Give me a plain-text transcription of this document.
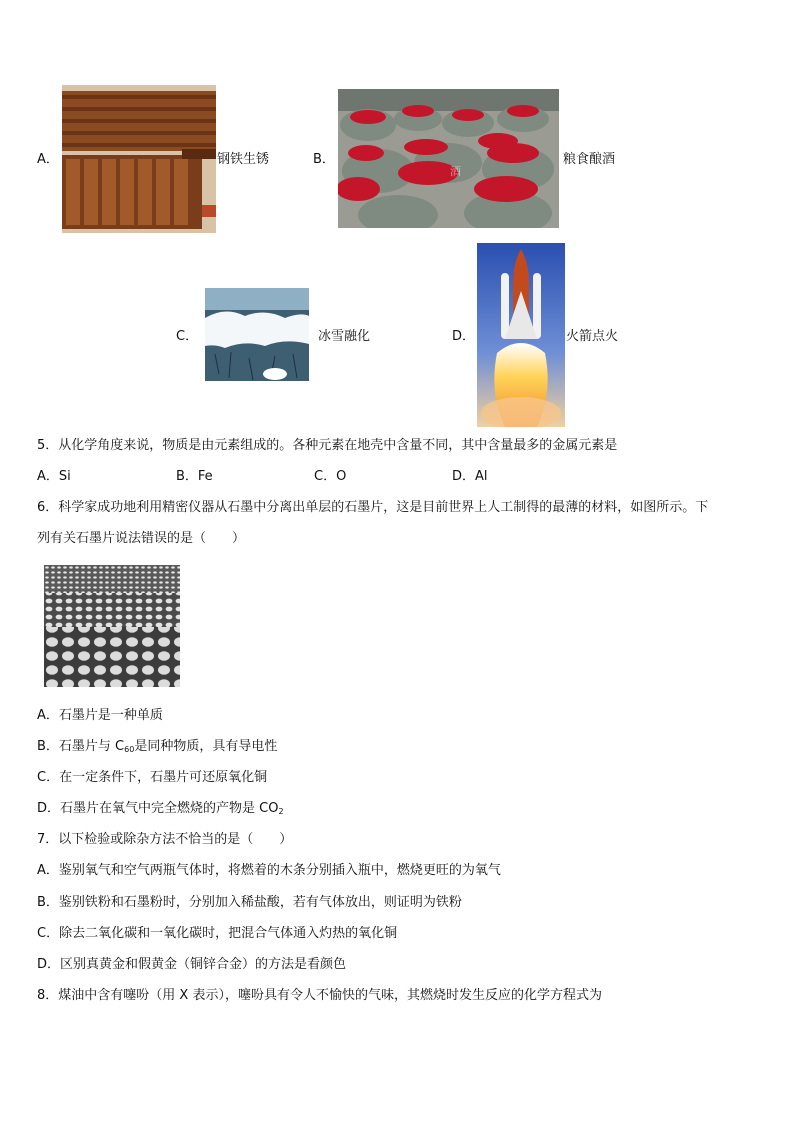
A．	钢铁生锈	B．
酒
粮食酿酒
C．	冰雪融化	D．	火箭点火
5．从化学角度来说，物质是由元素组成的。各种元素在地壳中含量不同，其中含量最多的金属元素是
A．Si	B．Fe	C．O	D．Al
6．科学家成功地利用精密仪器从石墨中分离出单层的石墨片，这是目前世界上人工制得的最薄的材料，如图所示。下
列有关石墨片说法错误的是（　　）
A．石墨片是一种单质
B．石墨片与 $C_{60}$是同种物质，具有导电性
C．在一定条件下，石墨片可还原氧化铜
D．石墨片在氧气中完全燃烧的产物是 $CO_2$
7．以下检验或除杂方法不恰当的是（　　）
A．鉴别氧气和空气两瓶气体时，将燃着的木条分别插入瓶中，燃烧更旺的为氧气
B．鉴别铁粉和石墨粉时，分别加入稀盐酸，若有气体放出，则证明为铁粉
C．除去二氧化碳和一氧化碳时，把混合气体通入灼热的氧化铜
D．区别真黄金和假黄金（铜锌合金）的方法是看颜色
8．煤油中含有噻吩（用 X 表示），噻吩具有令人不愉快的气味，其燃烧时发生反应的化学方程式为
